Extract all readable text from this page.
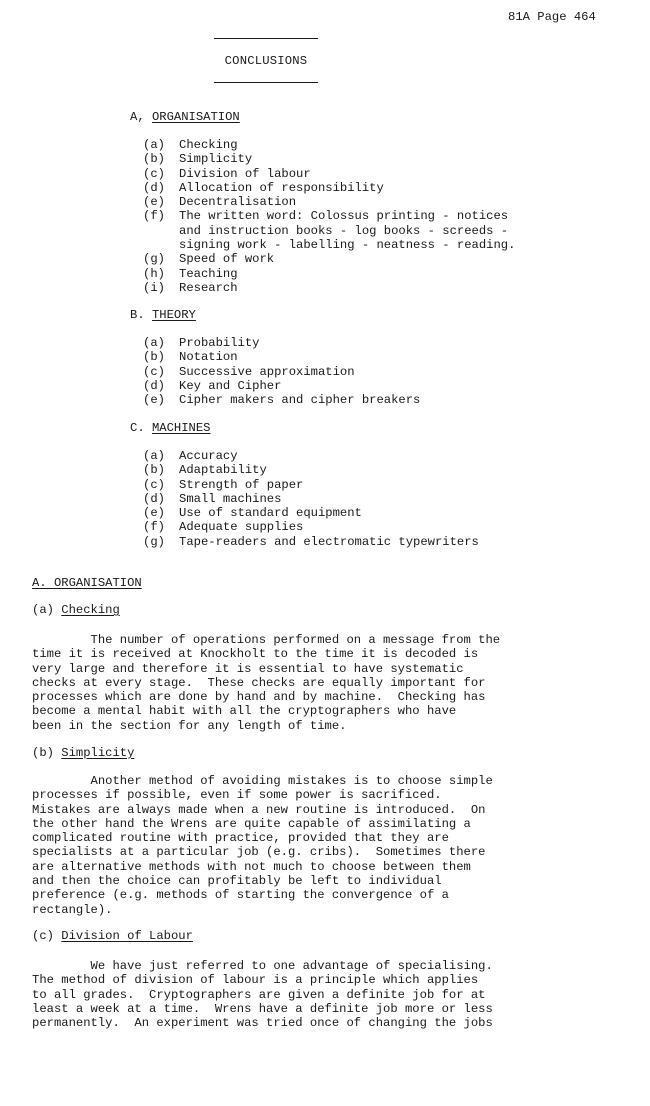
81A Page 464
CONCLUSIONS
A, ORGANISATION
(a)	Checking
(b)	Simplicity
(c)	Division of labour
(d)	Allocation of responsibility
(e)	Decentralisation
(f)	The written word: Colossus printing - notices
and instruction books - log books - screeds -
signing work - labelling - neatness - reading.
(g)	Speed of work
(h)	Teaching
(i)	Research
B. THEORY
(a)	Probability
(b)	Notation
(c)	Successive approximation
(d)	Key and Cipher
(e)	Cipher makers and cipher breakers
C. MACHINES
(a)	Accuracy
(b)	Adaptability
(c)	Strength of paper
(d)	Small machines
(e)	Use of standard equipment
(f)	Adequate supplies
(g)	Tape-readers and electromatic typewriters
A. ORGANISATION
(a) Checking

The number of operations performed on a message from the
time it is received at Knockholt to the time it is decoded is
very large and therefore it is essential to have systematic
checks at every stage.  These checks are equally important for
processes which are done by hand and by machine.  Checking has
become a mental habit with all the cryptographers who have
been in the section for any length of time.

(b) Simplicity

Another method of avoiding mistakes is to choose simple
processes if possible, even if some power is sacrificed.
Mistakes are always made when a new routine is introduced.  On
the other hand the Wrens are quite capable of assimilating a
complicated routine with practice, provided that they are
specialists at a particular job (e.g. cribs).  Sometimes there
are alternative methods with not much to choose between them
and then the choice can profitably be left to individual
preference (e.g. methods of starting the convergence of a
rectangle).

(c) Division of Labour

We have just referred to one advantage of specialising.
The method of division of labour is a principle which applies
to all grades.  Cryptographers are given a definite job for at
least a week at a time.  Wrens have a definite job more or less
permanently.  An experiment was tried once of changing the jobs
